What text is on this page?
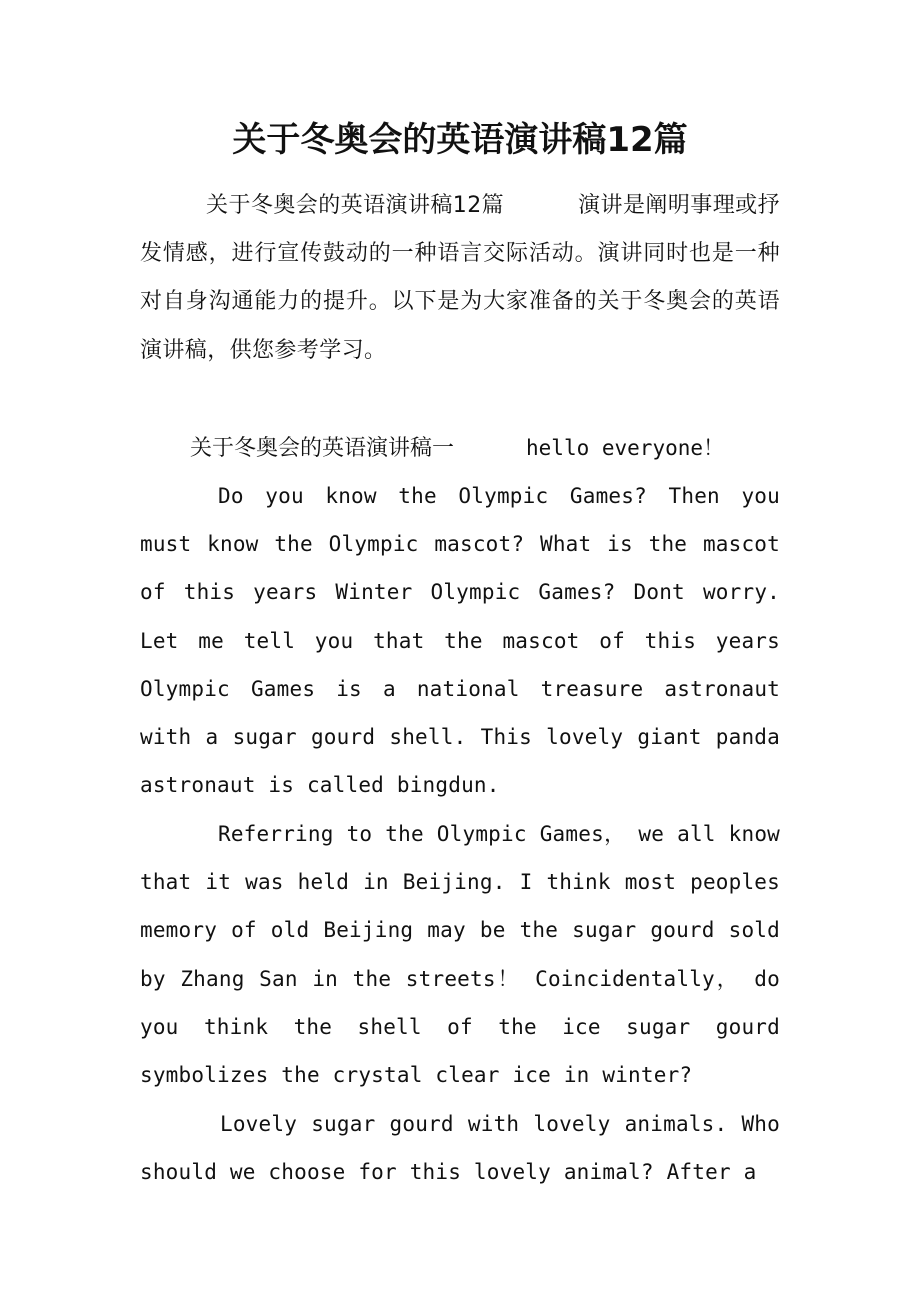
关于冬奥会的英语演讲稿12篇

关于冬奥会的英语演讲稿12篇	演讲是阐明事理或抒发情感，进行宣传鼓动的一种语言交际活动。演讲同时也是一种对自身沟通能力的提升。以下是为大家准备的关于冬奥会的英语演讲稿，供您参考学习。

关于冬奥会的英语演讲稿一	hello everyone！

Do you know the Olympic Games? Then you must know the Olympic mascot? What is the mascot of this years Winter Olympic Games? Dont worry. Let me tell you that the mascot of this years Olympic Games is a national treasure astronaut with a sugar gourd shell. This lovely giant panda astronaut is called bingdun.

Referring to the Olympic Games， we all know that it was held in Beijing. I think most peoples memory of old Beijing may be the sugar gourd sold by Zhang San in the streets！ Coincidentally， do you think the shell of the ice sugar gourd symbolizes the crystal clear ice in winter?

Lovely sugar gourd with lovely animals. Who should we choose for this lovely animal? After a
